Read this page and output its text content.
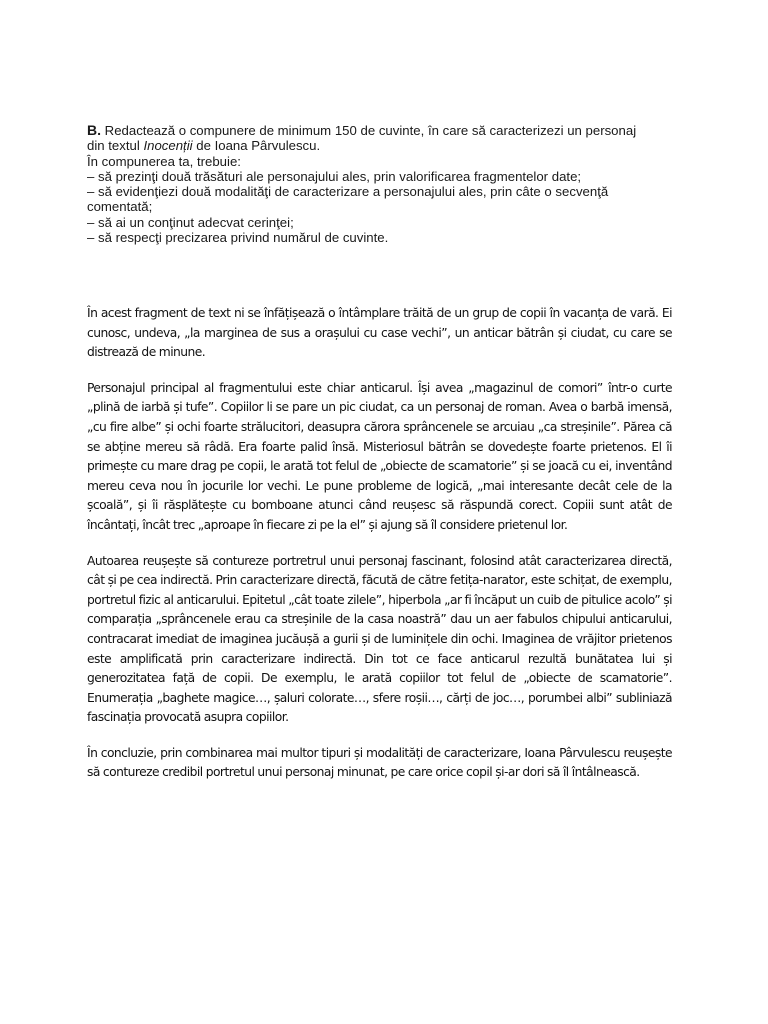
B. Redactează o compunere de minimum 150 de cuvinte, în care să caracterizezi un personaj
din textul Inocenții de Ioana Pârvulescu.
În compunerea ta, trebuie:
– să prezinţi două trăsături ale personajului ales, prin valorificarea fragmentelor date;
– să evidenţiezi două modalităţi de caracterizare a personajului ales, prin câte o secvenţă
comentată;
– să ai un conţinut adecvat cerinţei;
– să respecţi precizarea privind numărul de cuvinte.

În acest fragment de text ni se înfățișează o întâmplare trăită de un grup de copii în vacanța de vară. Ei cunosc, undeva, „la marginea de sus a orașului cu case vechi”, un anticar bătrân și ciudat, cu care se distrează de minune.

Personajul principal al fragmentului este chiar anticarul. Își avea „magazinul de comori” într-o curte „plină de iarbă și tufe”. Copiilor li se pare un pic ciudat, ca un personaj de roman. Avea o barbă imensă, „cu fire albe” și ochi foarte strălucitori, deasupra cărora sprâncenele se arcuiau „ca streșinile”. Părea că se abține mereu să râdă. Era foarte palid însă. Misteriosul bătrân se dovedește foarte prietenos. El îi primește cu mare drag pe copii, le arată tot felul de „obiecte de scamatorie” și se joacă cu ei, inventând mereu ceva nou în jocurile lor vechi. Le pune probleme de logică, „mai interesante decât cele de la școală”, și îi răsplătește cu bomboane atunci când reușesc să răspundă corect. Copiii sunt atât de încântați, încât trec „aproape în fiecare zi pe la el” și ajung să îl considere prietenul lor.

Autoarea reușește să contureze portretrul unui personaj fascinant, folosind atât caracterizarea directă, cât și pe cea indirectă. Prin caracterizare directă, făcută de către fetița-narator, este schițat, de exemplu, portretul fizic al anticarului. Epitetul „cât toate zilele”, hiperbola „ar fi încăput un cuib de pitulice acolo” și comparația „sprâncenele erau ca streșinile de la casa noastră” dau un aer fabulos chipului anticarului, contracarat imediat de imaginea jucăușă a gurii și de luminițele din ochi. Imaginea de vrăjitor prietenos este amplificată prin caracterizare indirectă. Din tot ce face anticarul rezultă bunătatea lui și generozitatea față de copii. De exemplu, le arată copiilor tot felul de „obiecte de scamatorie”. Enumerația „baghete magice…, șaluri colorate…, sfere roșii…, cărți de joc…, porumbei albi” subliniază fascinația provocată asupra copiilor.

În concluzie, prin combinarea mai multor tipuri și modalități de caracterizare, Ioana Pârvulescu reușește să contureze credibil portretul unui personaj minunat, pe care orice copil și-ar dori să îl întâlnească.
